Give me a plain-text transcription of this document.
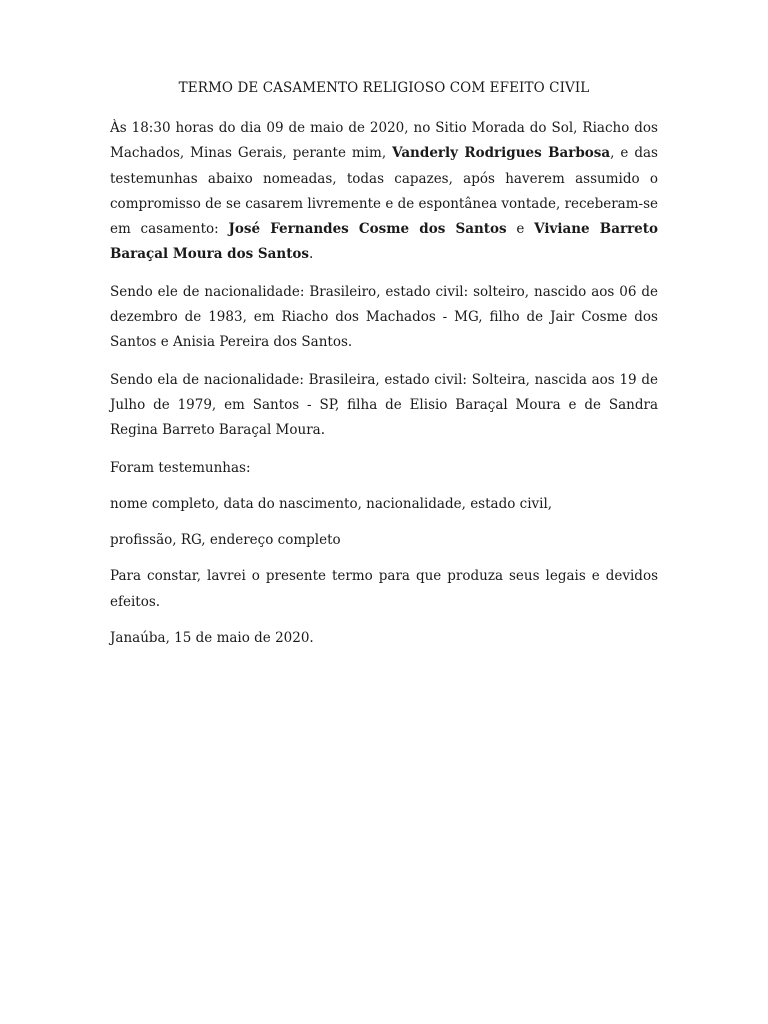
TERMO DE CASAMENTO RELIGIOSO COM EFEITO CIVIL

Às 18:30 horas do dia 09 de maio de 2020, no Sitio Morada do Sol, Riacho dos Machados, Minas Gerais, perante mim, Vanderly Rodrigues Barbosa, e das testemunhas abaixo nomeadas, todas capazes, após haverem assumido o compromisso de se casarem livremente e de espontânea vontade, receberam-se em casamento: José Fernandes Cosme dos Santos e Viviane Barreto Baraçal Moura dos Santos.

Sendo ele de nacionalidade: Brasileiro, estado civil: solteiro, nascido aos 06 de dezembro de 1983, em Riacho dos Machados - MG, filho de Jair Cosme dos Santos e Anisia Pereira dos Santos.

Sendo ela de nacionalidade: Brasileira, estado civil: Solteira, nascida aos 19 de Julho de 1979, em Santos - SP, filha de Elisio Baraçal Moura e de Sandra Regina Barreto Baraçal Moura.

Foram testemunhas:

nome completo, data do nascimento, nacionalidade, estado civil,

profissão, RG, endereço completo

Para constar, lavrei o presente termo para que produza seus legais e devidos efeitos.

Janaúba, 15 de maio de 2020.
